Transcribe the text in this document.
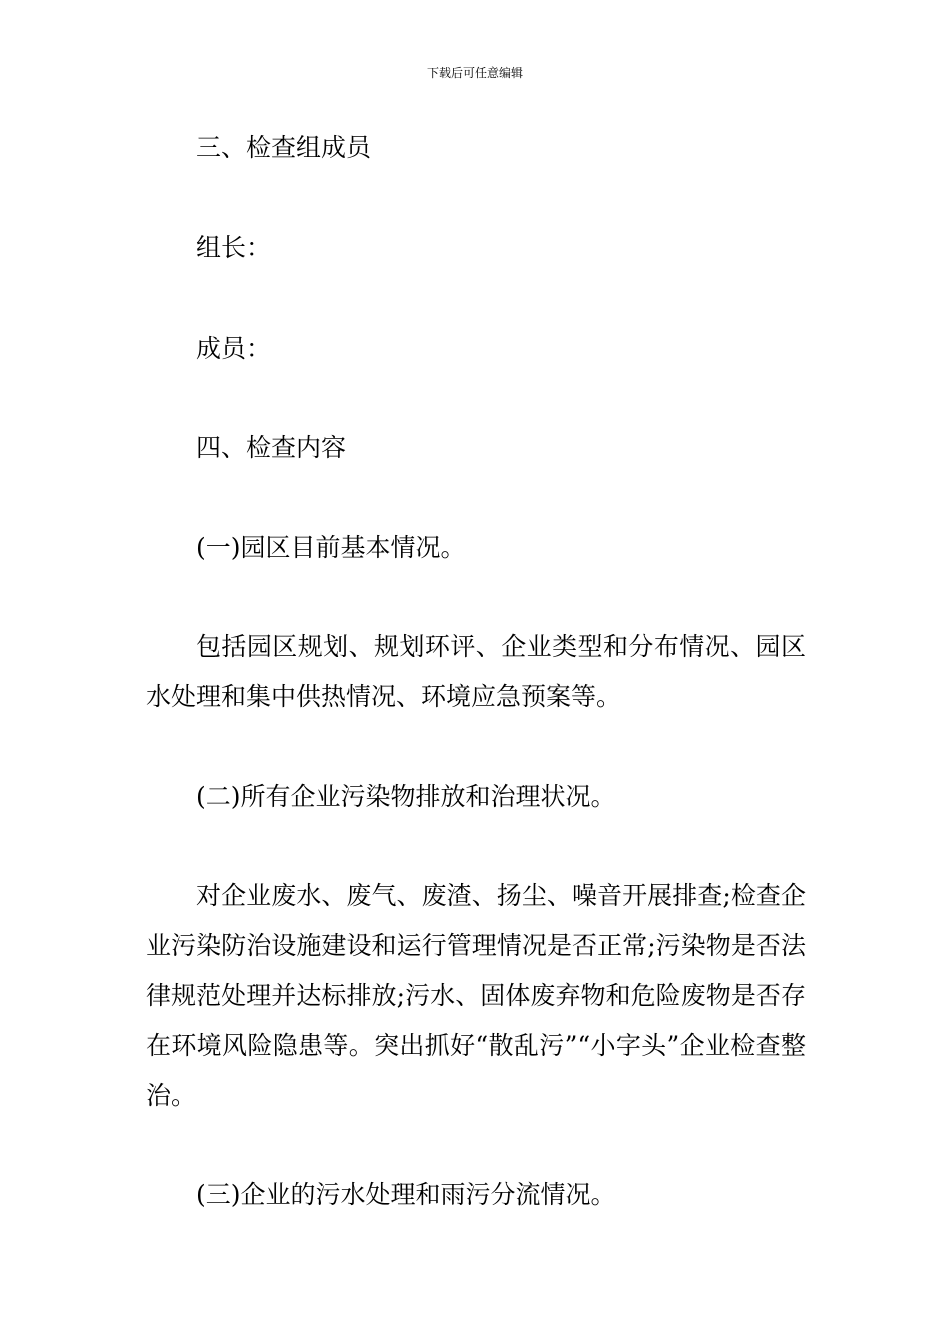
下载后可任意编辑

三、检查组成员

组长：

成员：

四、检查内容

(一)园区目前基本情况。

包括园区规划、规划环评、企业类型和分布情况、园区水处理和集中供热情况、环境应急预案等。

(二)所有企业污染物排放和治理状况。

对企业废水、废气、废渣、扬尘、噪音开展排查;检查企业污染防治设施建设和运行管理情况是否正常;污染物是否法律规范处理并达标排放;污水、固体废弃物和危险废物是否存在环境风险隐患等。突出抓好“散乱污”“小字头”企业检查整治。

(三)企业的污水处理和雨污分流情况。
